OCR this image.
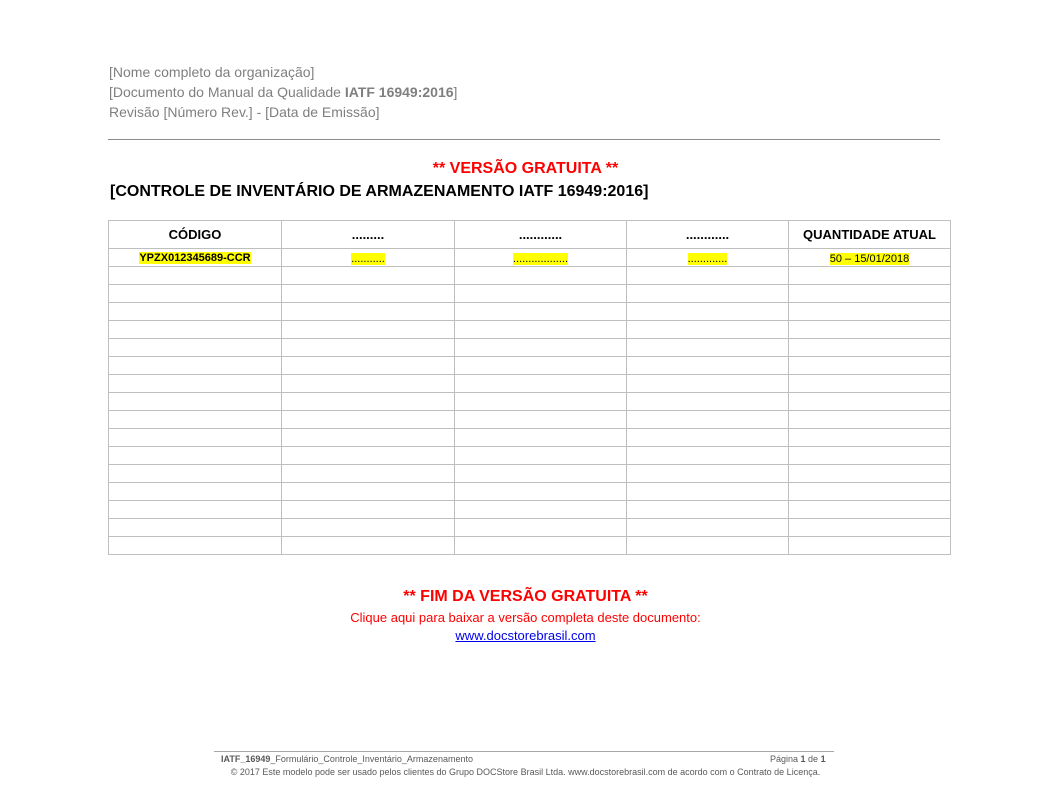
[Nome completo da organização]
[Documento do Manual da Qualidade IATF 16949:2016]
Revisão [Número Rev.] - [Data de Emissão]
** VERSÃO GRATUITA **
[CONTROLE DE INVENTÁRIO DE ARMAZENAMENTO IATF 16949:2016]
CÓDIGO	.........	............	............	QUANTIDADE ATUAL
YPZX012345689-CCR	...........	..................	.............	50 – 15/01/2018

** FIM DA VERSÃO GRATUITA **
Clique aqui para baixar a versão completa deste documento:
www.docstorebrasil.com
IATF_16949_Formulário_Controle_Inventário_Armazenamento	Página 1 de 1
© 2017 Este modelo pode ser usado pelos clientes do Grupo DOCStore Brasil Ltda. www.docstorebrasil.com de acordo com o Contrato de Licença.
